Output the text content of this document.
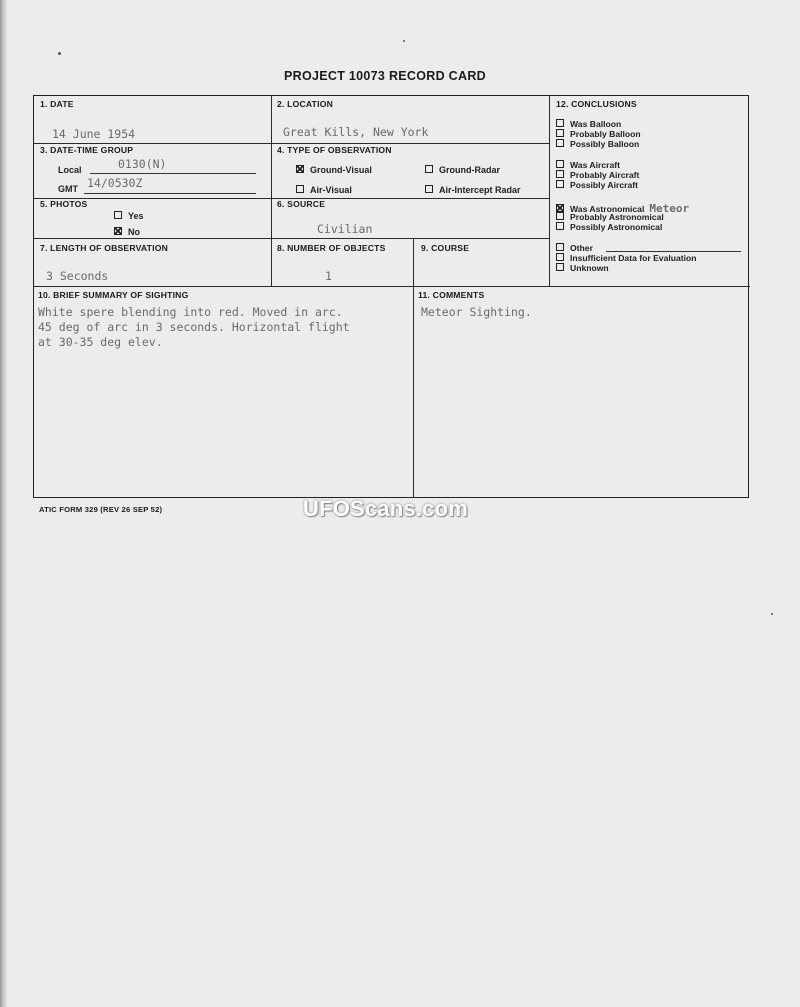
PROJECT 10073 RECORD CARD
1. DATE
14 June 1954
2. LOCATION
Great Kills, New York
3. DATE-TIME GROUP
Local	0130(N)
GMT 14/0530Z
4. TYPE OF OBSERVATION
Ground-Visual	Ground-Radar
Air-Visual	Air-Intercept Radar
5. PHOTOS
Yes
No
6. SOURCE
Civilian
7. LENGTH OF OBSERVATION
3 Seconds
8. NUMBER OF OBJECTS
1
9. COURSE
10. BRIEF SUMMARY OF SIGHTING
White spere blending into red. Moved in arc.
45 deg of arc in 3 seconds. Horizontal flight
at 30-35 deg elev.
11. COMMENTS
Meteor Sighting.
12. CONCLUSIONS
Was Balloon
Probably Balloon
Possibly Balloon
Was Aircraft
Probably Aircraft
Possibly Aircraft
Was Astronomical Meteor
Probably Astronomical
Possibly Astronomical
Other
Insufficient Data for Evaluation
Unknown
ATIC FORM 329 (REV 26 SEP 52)	UFOScans.com
